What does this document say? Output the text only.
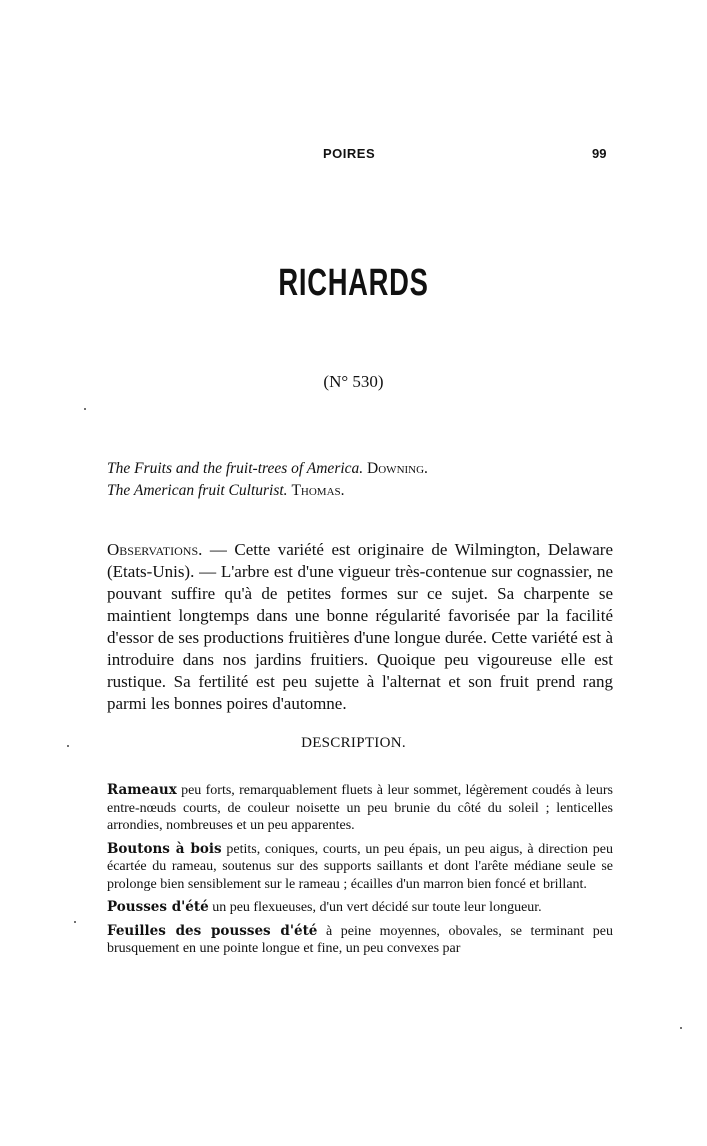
POIRES	99
RICHARDS
(N° 530)
The Fruits and the fruit-trees of America. Downing.
The American fruit Culturist. Thomas.
Observations. — Cette variété est originaire de Wilmington, Delaware (Etats-Unis). — L'arbre est d'une vigueur très-contenue sur cognassier, ne pouvant suffire qu'à de petites formes sur ce sujet. Sa charpente se maintient longtemps dans une bonne régularité favorisée par la facilité d'essor de ses productions fruitières d'une longue durée. Cette variété est à introduire dans nos jardins fruitiers. Quoique peu vigoureuse elle est rustique. Sa fertilité est peu sujette à l'alternat et son fruit prend rang parmi les bonnes poires d'automne.
DESCRIPTION.

Rameaux peu forts, remarquablement fluets à leur sommet, légèrement coudés à leurs entre-nœuds courts, de couleur noisette un peu brunie du côté du soleil ; lenticelles arrondies, nombreuses et un peu apparentes.

Boutons à bois petits, coniques, courts, un peu épais, un peu aigus, à direction peu écartée du rameau, soutenus sur des supports saillants et dont l'arête médiane seule se prolonge bien sensiblement sur le rameau ; écailles d'un marron bien foncé et brillant.

Pousses d'été un peu flexueuses, d'un vert décidé sur toute leur longueur.

Feuilles des pousses d'été à peine moyennes, obovales, se terminant peu brusquement en une pointe longue et fine, un peu convexes par
